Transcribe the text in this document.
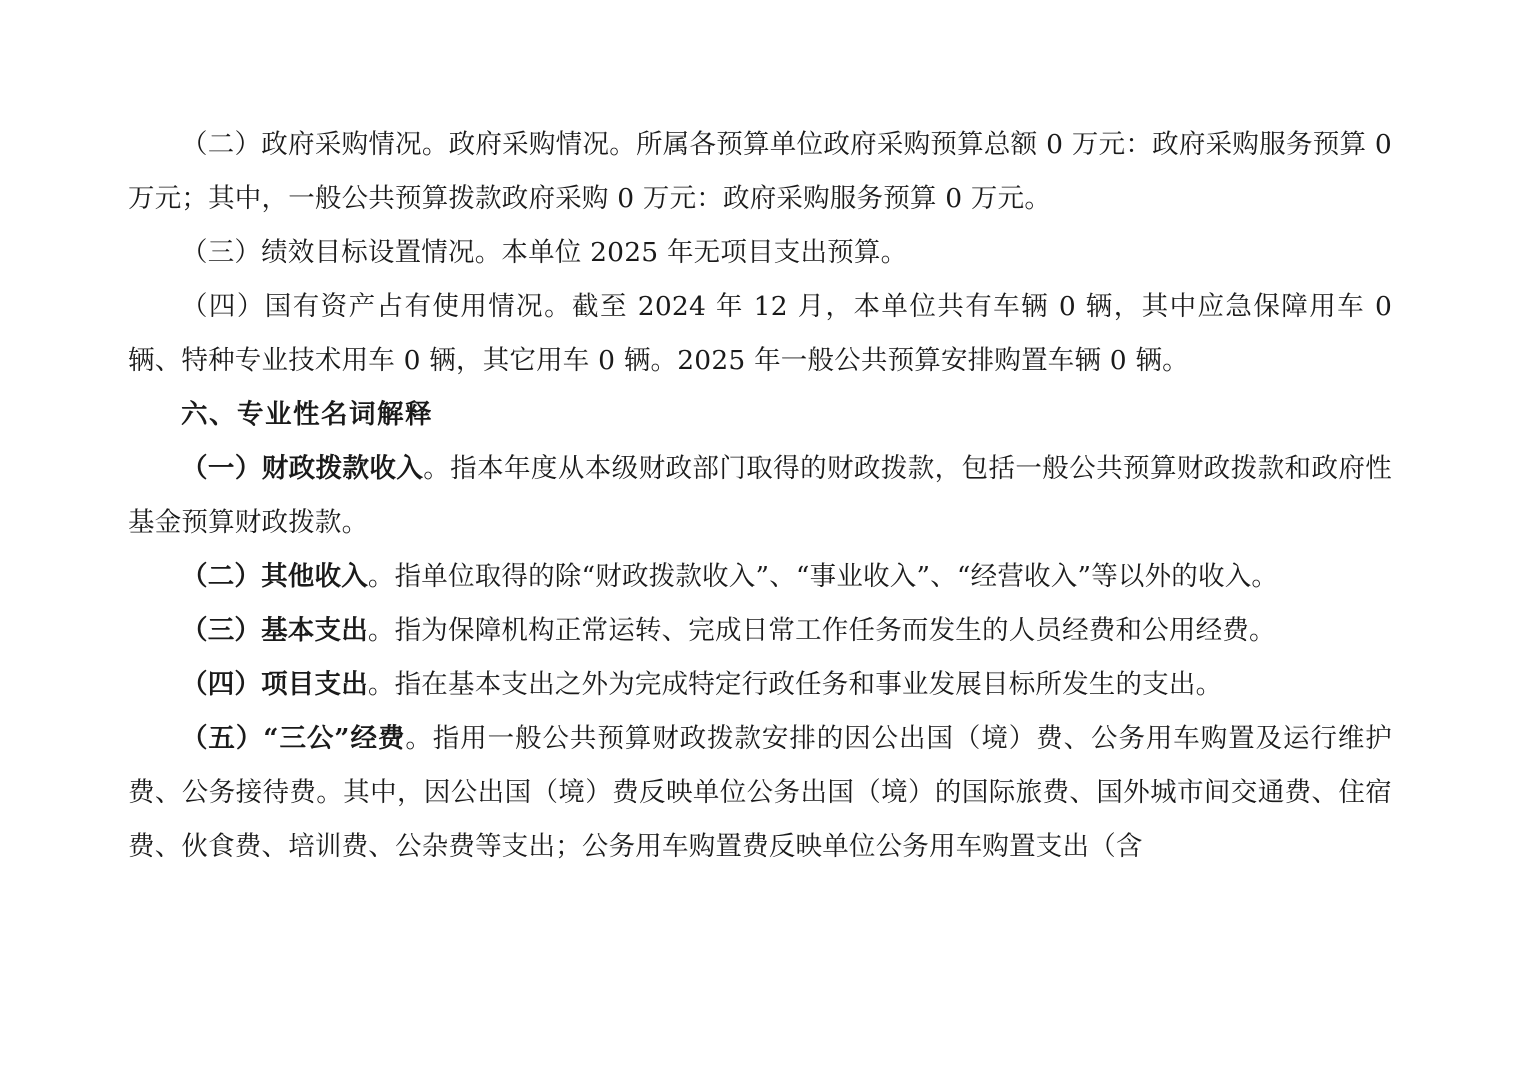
（二）政府采购情况。政府采购情况。所属各预算单位政府采购预算总额 0 万元：政府采购服务预算 0 万元；其中，一般公共预算拨款政府采购 0 万元：政府采购服务预算 0 万元。

（三）绩效目标设置情况。本单位 2025 年无项目支出预算。

（四）国有资产占有使用情况。截至 2024 年 12 月，本单位共有车辆 0 辆，其中应急保障用车 0 辆、特种专业技术用车 0 辆，其它用车 0 辆。2025 年一般公共预算安排购置车辆 0 辆。

六、专业性名词解释

（一）财政拨款收入。指本年度从本级财政部门取得的财政拨款，包括一般公共预算财政拨款和政府性基金预算财政拨款。

（二）其他收入。指单位取得的除“财政拨款收入”、“事业收入”、“经营收入”等以外的收入。

（三）基本支出。指为保障机构正常运转、完成日常工作任务而发生的人员经费和公用经费。

（四）项目支出。指在基本支出之外为完成特定行政任务和事业发展目标所发生的支出。

（五）“三公”经费。指用一般公共预算财政拨款安排的因公出国（境）费、公务用车购置及运行维护费、公务接待费。其中，因公出国（境）费反映单位公务出国（境）的国际旅费、国外城市间交通费、住宿费、伙食费、培训费、公杂费等支出；公务用车购置费反映单位公务用车购置支出（含
